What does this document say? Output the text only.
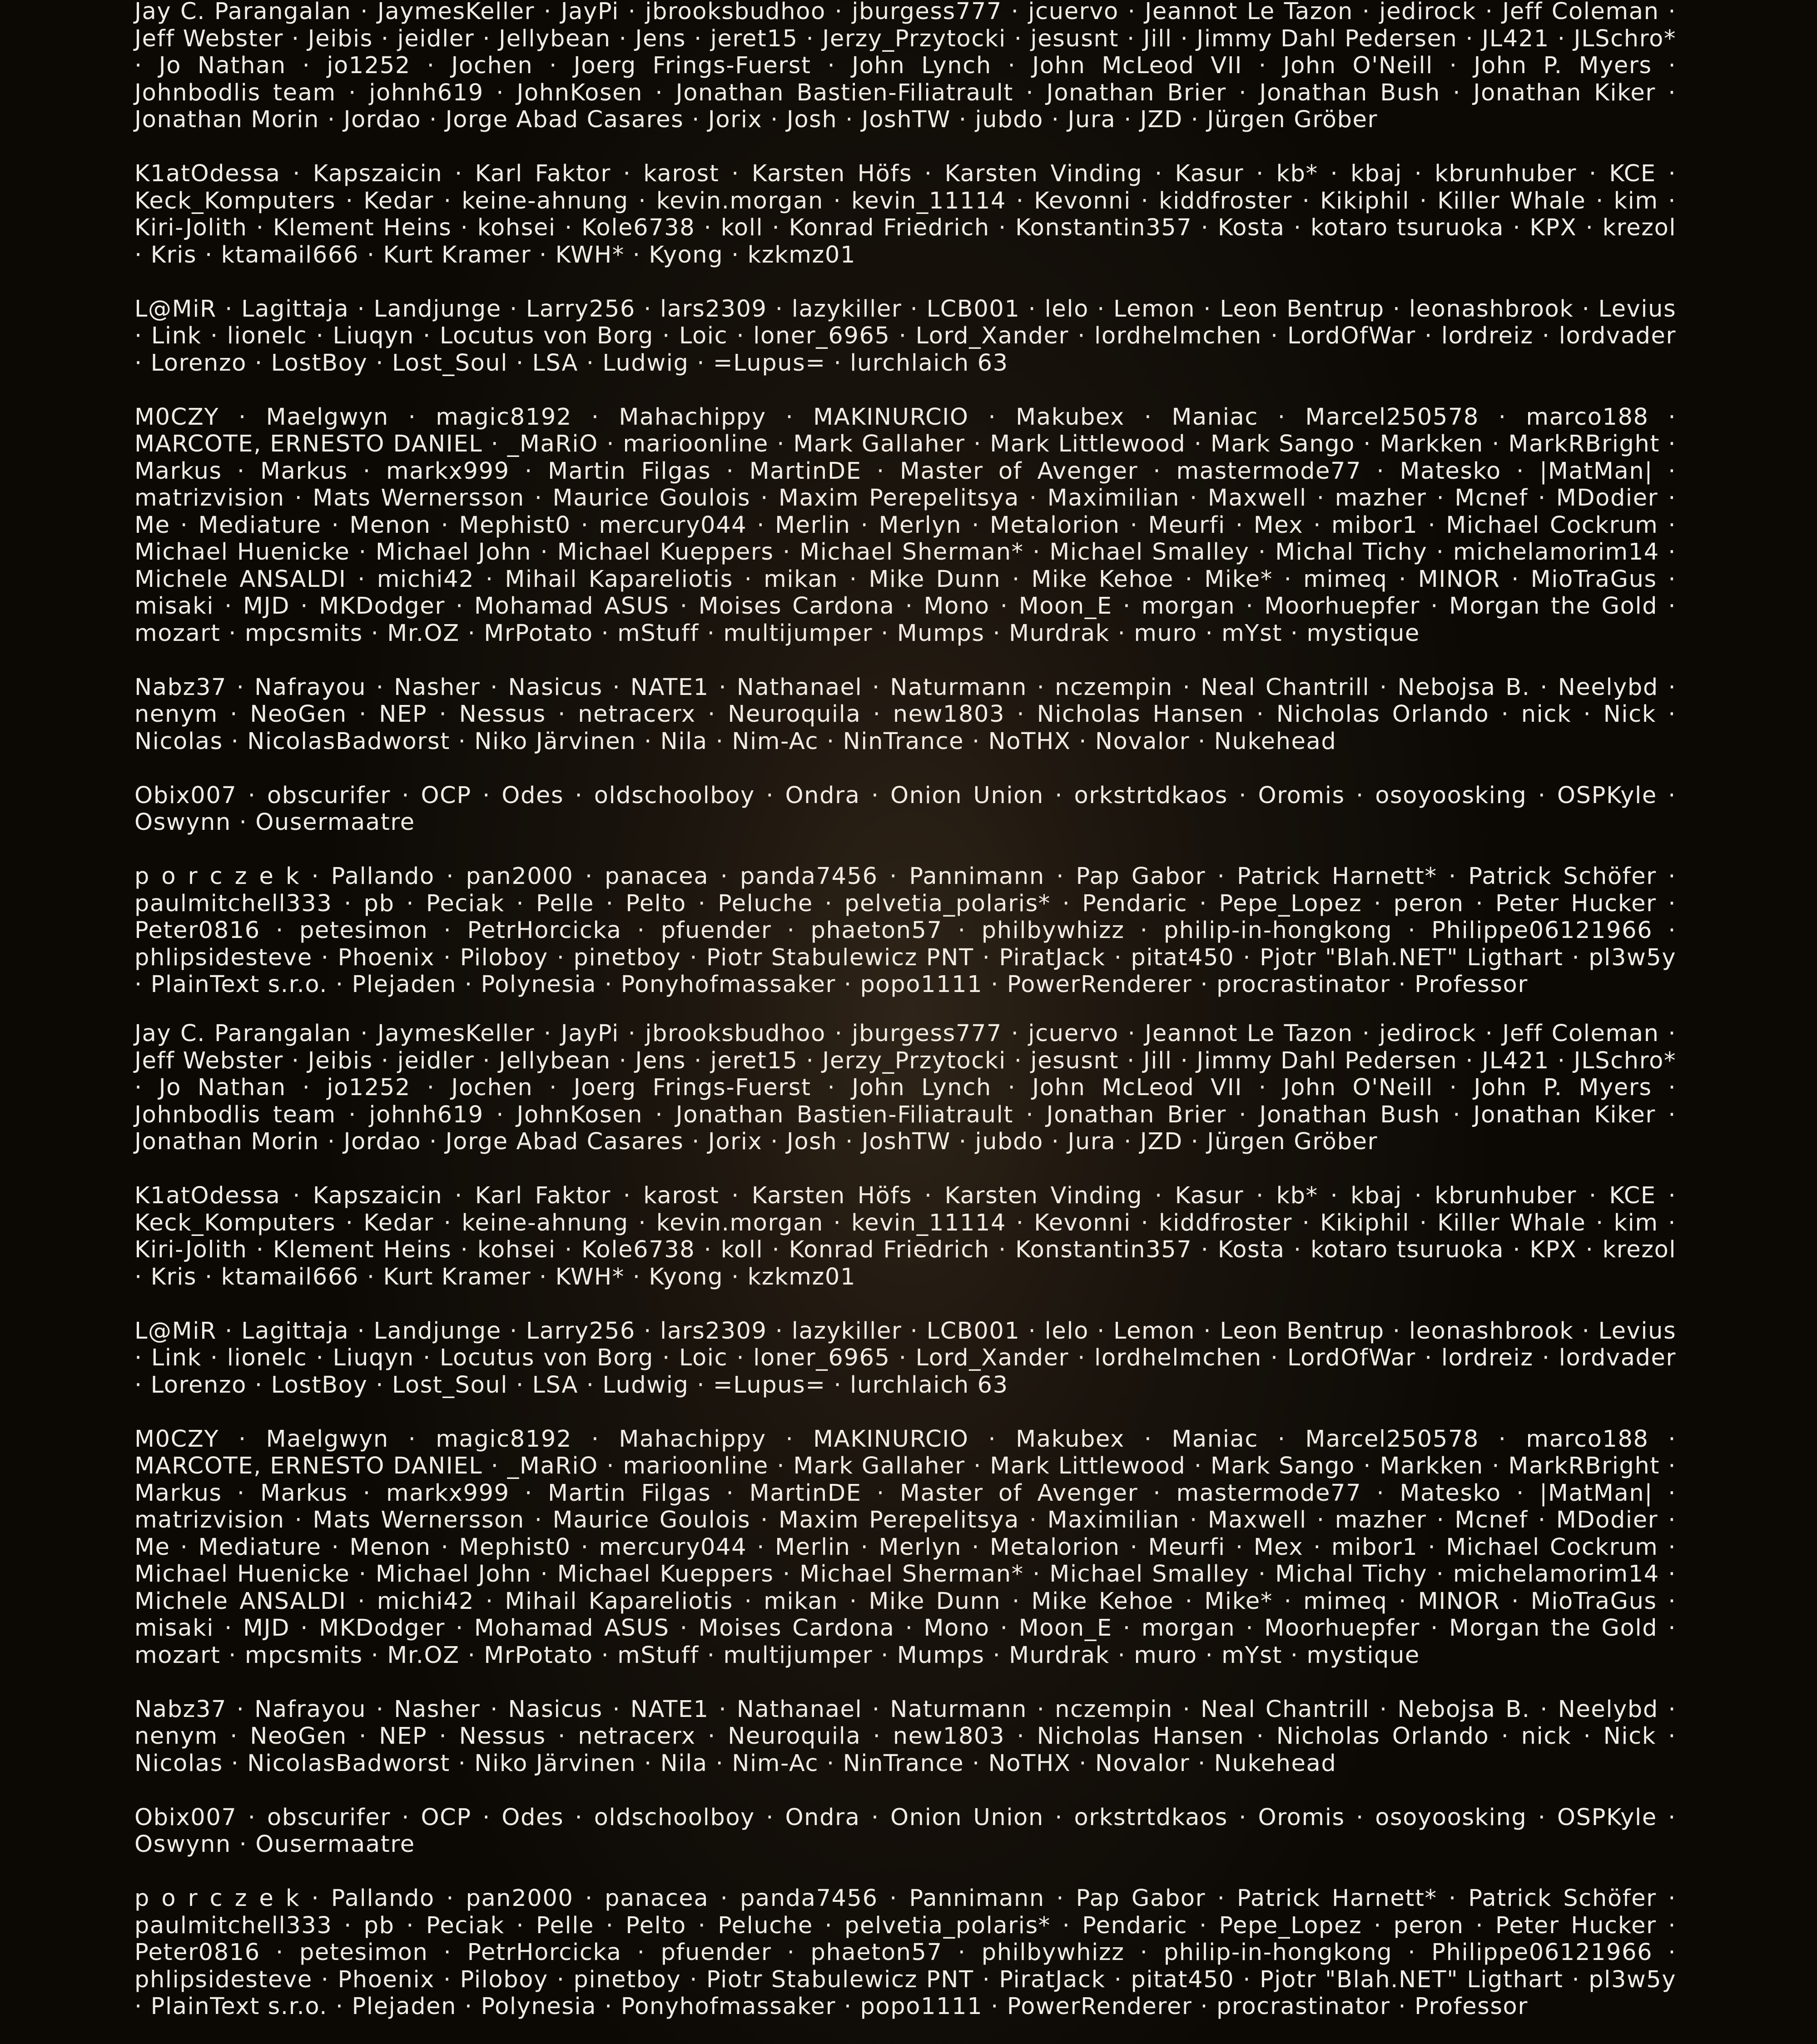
Jay C. Parangalan · JaymesKeller · JayPi · jbrooksbudhoo · jburgess777 · jcuervo · Jeannot Le Tazon · jedirock · Jeff Coleman · Jeff Webster · Jeibis · jeidler · Jellybean · Jens · jeret15 · Jerzy_Przytocki · jesusnt · Jill · Jimmy Dahl Pedersen · JL421 · JLSchro* · Jo Nathan · jo1252 · Jochen · Joerg Frings-Fuerst · John Lynch · John McLeod VII · John O'Neill · John P. Myers · Johnbodlis team · johnh619 · JohnKosen · Jonathan Bastien-Filiatrault · Jonathan Brier · Jonathan Bush · Jonathan Kiker · Jonathan Morin · Jordao · Jorge Abad Casares · Jorix · Josh · JoshTW · jubdo · Jura · JZD · Jürgen Gröber
K1atOdessa · Kapszaicin · Karl Faktor · karost · Karsten Höfs · Karsten Vinding · Kasur · kb* · kbaj · kbrunhuber · KCE · Keck_Komputers · Kedar · keine-ahnung · kevin.morgan · kevin_11114 · Kevonni · kiddfroster · Kikiphil · Killer Whale · kim · Kiri-Jolith · Klement Heins · kohsei · Kole6738 · koll · Konrad Friedrich · Konstantin357 · Kosta · kotaro tsuruoka · KPX · krezol · Kris · ktamail666 · Kurt Kramer · KWH* · Kyong · kzkmz01
L@MiR · Lagittaja · Landjunge · Larry256 · lars2309 · lazykiller · LCB001 · lelo · Lemon · Leon Bentrup · leonashbrook · Levius · Link · lionelc · Liuqyn · Locutus von Borg · Loic · loner_6965 · Lord_Xander · lordhelmchen · LordOfWar · lordreiz · lordvader · Lorenzo · LostBoy · Lost_Soul · LSA · Ludwig · =Lupus= · lurchlaich 63
M0CZY · Maelgwyn · magic8192 · Mahachippy · MAKINURCIO · Makubex · Maniac · Marcel250578 · marco188 · MARCOTE, ERNESTO DANIEL · _MaRiO · marioonline · Mark Gallaher · Mark Littlewood · Mark Sango · Markken · MarkRBright · Markus · Markus · markx999 · Martin Filgas · MartinDE · Master of Avenger · mastermode77 · Matesko · |MatMan| · matrizvision · Mats Wernersson · Maurice Goulois · Maxim Perepelitsya · Maximilian · Maxwell · mazher · Mcnef · MDodier · Me · Mediature · Menon · Mephist0 · mercury044 · Merlin · Merlyn · Metalorion · Meurfi · Mex · mibor1 · Michael Cockrum · Michael Huenicke · Michael John · Michael Kueppers · Michael Sherman* · Michael Smalley · Michal Tichy · michelamorim14 · Michele ANSALDI · michi42 · Mihail Kapareliotis · mikan · Mike Dunn · Mike Kehoe · Mike* · mimeq · MINOR · MioTraGus · misaki · MJD · MKDodger · Mohamad ASUS · Moises Cardona · Mono · Moon_E · morgan · Moorhuepfer · Morgan the Gold · mozart · mpcsmits · Mr.OZ · MrPotato · mStuff · multijumper · Mumps · Murdrak · muro · mYst · mystique
Nabz37 · Nafrayou · Nasher · Nasicus · NATE1 · Nathanael · Naturmann · nczempin · Neal Chantrill · Nebojsa B. · Neelybd · nenym · NeoGen · NEP · Nessus · netracerx · Neuroquila · new1803 · Nicholas Hansen · Nicholas Orlando · nick · Nick · Nicolas · NicolasBadworst · Niko Järvinen · Nila · Nim-Ac · NinTrance · NoTHX · Novalor · Nukehead
Obix007 · obscurifer · OCP · Odes · oldschoolboy · Ondra · Onion Union · orkstrtdkaos · Oromis · osoyoosking · OSPKyle · Oswynn · Ousermaatre
p o r c z e k · Pallando · pan2000 · panacea · panda7456 · Pannimann · Pap Gabor · Patrick Harnett* · Patrick Schöfer · paulmitchell333 · pb · Peciak · Pelle · Pelto · Peluche · pelvetia_polaris* · Pendaric · Pepe_Lopez · peron · Peter Hucker · Peter0816 · petesimon · PetrHorcicka · pfuender · phaeton57 · philbywhizz · philip-in-hongkong · Philippe06121966 · phlipsidesteve · Phoenix · Piloboy · pinetboy · Piotr Stabulewicz PNT · PiratJack · pitat450 · Pjotr "Blah.NET" Ligthart · pl3w5y · PlainText s.r.o. · Plejaden · Polynesia · Ponyhofmassaker · popo1111 · PowerRenderer · procrastinator · Professor
Jay C. Parangalan · JaymesKeller · JayPi · jbrooksbudhoo · jburgess777 · jcuervo · Jeannot Le Tazon · jedirock · Jeff Coleman · Jeff Webster · Jeibis · jeidler · Jellybean · Jens · jeret15 · Jerzy_Przytocki · jesusnt · Jill · Jimmy Dahl Pedersen · JL421 · JLSchro* · Jo Nathan · jo1252 · Jochen · Joerg Frings-Fuerst · John Lynch · John McLeod VII · John O'Neill · John P. Myers · Johnbodlis team · johnh619 · JohnKosen · Jonathan Bastien-Filiatrault · Jonathan Brier · Jonathan Bush · Jonathan Kiker · Jonathan Morin · Jordao · Jorge Abad Casares · Jorix · Josh · JoshTW · jubdo · Jura · JZD · Jürgen Gröber
K1atOdessa · Kapszaicin · Karl Faktor · karost · Karsten Höfs · Karsten Vinding · Kasur · kb* · kbaj · kbrunhuber · KCE · Keck_Komputers · Kedar · keine-ahnung · kevin.morgan · kevin_11114 · Kevonni · kiddfroster · Kikiphil · Killer Whale · kim · Kiri-Jolith · Klement Heins · kohsei · Kole6738 · koll · Konrad Friedrich · Konstantin357 · Kosta · kotaro tsuruoka · KPX · krezol · Kris · ktamail666 · Kurt Kramer · KWH* · Kyong · kzkmz01
L@MiR · Lagittaja · Landjunge · Larry256 · lars2309 · lazykiller · LCB001 · lelo · Lemon · Leon Bentrup · leonashbrook · Levius · Link · lionelc · Liuqyn · Locutus von Borg · Loic · loner_6965 · Lord_Xander · lordhelmchen · LordOfWar · lordreiz · lordvader · Lorenzo · LostBoy · Lost_Soul · LSA · Ludwig · =Lupus= · lurchlaich 63
M0CZY · Maelgwyn · magic8192 · Mahachippy · MAKINURCIO · Makubex · Maniac · Marcel250578 · marco188 · MARCOTE, ERNESTO DANIEL · _MaRiO · marioonline · Mark Gallaher · Mark Littlewood · Mark Sango · Markken · MarkRBright · Markus · Markus · markx999 · Martin Filgas · MartinDE · Master of Avenger · mastermode77 · Matesko · |MatMan| · matrizvision · Mats Wernersson · Maurice Goulois · Maxim Perepelitsya · Maximilian · Maxwell · mazher · Mcnef · MDodier · Me · Mediature · Menon · Mephist0 · mercury044 · Merlin · Merlyn · Metalorion · Meurfi · Mex · mibor1 · Michael Cockrum · Michael Huenicke · Michael John · Michael Kueppers · Michael Sherman* · Michael Smalley · Michal Tichy · michelamorim14 · Michele ANSALDI · michi42 · Mihail Kapareliotis · mikan · Mike Dunn · Mike Kehoe · Mike* · mimeq · MINOR · MioTraGus · misaki · MJD · MKDodger · Mohamad ASUS · Moises Cardona · Mono · Moon_E · morgan · Moorhuepfer · Morgan the Gold · mozart · mpcsmits · Mr.OZ · MrPotato · mStuff · multijumper · Mumps · Murdrak · muro · mYst · mystique
Nabz37 · Nafrayou · Nasher · Nasicus · NATE1 · Nathanael · Naturmann · nczempin · Neal Chantrill · Nebojsa B. · Neelybd · nenym · NeoGen · NEP · Nessus · netracerx · Neuroquila · new1803 · Nicholas Hansen · Nicholas Orlando · nick · Nick · Nicolas · NicolasBadworst · Niko Järvinen · Nila · Nim-Ac · NinTrance · NoTHX · Novalor · Nukehead
Obix007 · obscurifer · OCP · Odes · oldschoolboy · Ondra · Onion Union · orkstrtdkaos · Oromis · osoyoosking · OSPKyle · Oswynn · Ousermaatre
p o r c z e k · Pallando · pan2000 · panacea · panda7456 · Pannimann · Pap Gabor · Patrick Harnett* · Patrick Schöfer · paulmitchell333 · pb · Peciak · Pelle · Pelto · Peluche · pelvetia_polaris* · Pendaric · Pepe_Lopez · peron · Peter Hucker · Peter0816 · petesimon · PetrHorcicka · pfuender · phaeton57 · philbywhizz · philip-in-hongkong · Philippe06121966 · phlipsidesteve · Phoenix · Piloboy · pinetboy · Piotr Stabulewicz PNT · PiratJack · pitat450 · Pjotr "Blah.NET" Ligthart · pl3w5y · PlainText s.r.o. · Plejaden · Polynesia · Ponyhofmassaker · popo1111 · PowerRenderer · procrastinator · Professor
